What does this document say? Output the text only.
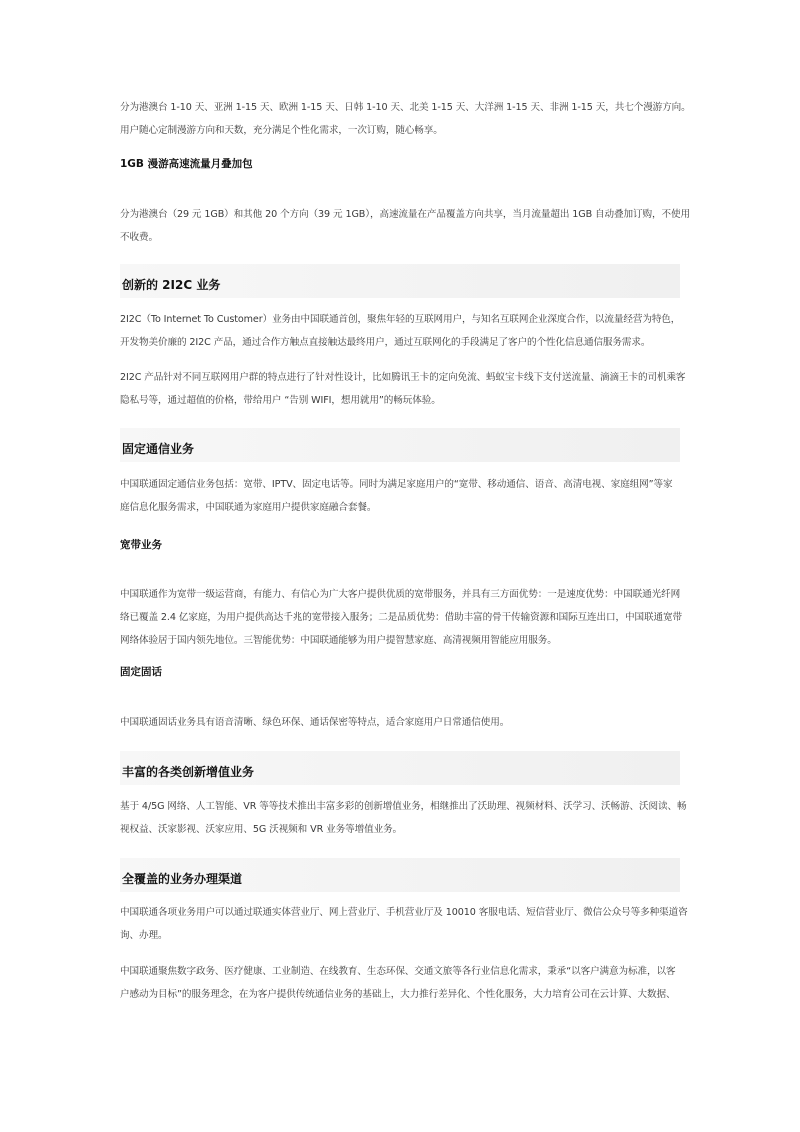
分为港澳台 1-10 天、亚洲 1-15 天、欧洲 1-15 天、日韩 1-10 天、北美 1-15 天、大洋洲 1-15 天、非洲 1-15 天，共七个漫游方向。
用户随心定制漫游方向和天数，充分满足个性化需求，一次订购，随心畅享。
1GB 漫游高速流量月叠加包
分为港澳台（29 元 1GB）和其他 20 个方向（39 元 1GB），高速流量在产品覆盖方向共享，当月流量超出 1GB 自动叠加订购，不使用
不收费。
创新的 2I2C 业务
2I2C（To Internet To Customer）业务由中国联通首创，聚焦年轻的互联网用户，与知名互联网企业深度合作，以流量经营为特色，
开发物美价廉的 2I2C 产品，通过合作方触点直接触达最终用户，通过互联网化的手段满足了客户的个性化信息通信服务需求。
2I2C 产品针对不同互联网用户群的特点进行了针对性设计，比如腾讯王卡的定向免流、蚂蚁宝卡线下支付送流量、滴滴王卡的司机乘客
隐私号等，通过超值的价格，带给用户 “告别 WIFI，想用就用”的畅玩体验。
固定通信业务
中国联通固定通信业务包括：宽带、IPTV、固定电话等。同时为满足家庭用户的“宽带、移动通信、语音、高清电视、家庭组网”等家
庭信息化服务需求，中国联通为家庭用户提供家庭融合套餐。
宽带业务
中国联通作为宽带一级运营商，有能力、有信心为广大客户提供优质的宽带服务，并具有三方面优势：一是速度优势：中国联通光纤网
络已覆盖 2.4 亿家庭，为用户提供高达千兆的宽带接入服务；二是品质优势：借助丰富的骨干传输资源和国际互连出口，中国联通宽带
网络体验居于国内领先地位。三智能优势：中国联通能够为用户提智慧家庭、高清视频用智能应用服务。
固定固话
中国联通固话业务具有语音清晰、绿色环保、通话保密等特点，适合家庭用户日常通信使用。
丰富的各类创新增值业务
基于 4/5G 网络、人工智能、VR 等等技术推出丰富多彩的创新增值业务，相继推出了沃助理、视频材料、沃学习、沃畅游、沃阅读、畅
视权益、沃家影视、沃家应用、5G 沃视频和 VR 业务等增值业务。
全覆盖的业务办理渠道
中国联通各项业务用户可以通过联通实体营业厅、网上营业厅、手机营业厅及 10010 客服电话、短信营业厅、微信公众号等多种渠道咨
询、办理。
中国联通聚焦数字政务、医疗健康、工业制造、在线教育、生态环保、交通文旅等各行业信息化需求，秉承“以客户满意为标准，以客
户感动为目标”的服务理念，在为客户提供传统通信业务的基础上，大力推行差异化、个性化服务，大力培育公司在云计算、大数据、
